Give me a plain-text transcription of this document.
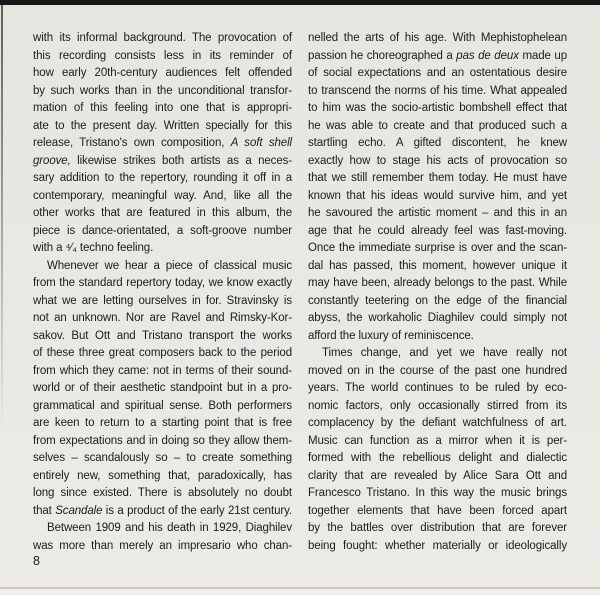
with its informal background. The provocation of
this recording consists less in its reminder of
how early 20th-century audiences felt offended
by such works than in the unconditional transfor-
mation of this feeling into one that is appropri-
ate to the present day. Written specially for this
release, Tristano's own composition, A soft shell
groove, likewise strikes both artists as a neces-
sary addition to the repertory, rounding it off in a
contemporary, meaningful way. And, like all the
other works that are featured in this album, the
piece is dance-orientated, a soft-groove number
with a ⁴⁄₄ techno feeling.
Whenever we hear a piece of classical music
from the standard repertory today, we know exactly
what we are letting ourselves in for. Stravinsky is
not an unknown. Nor are Ravel and Rimsky-Kor-
sakov. But Ott and Tristano transport the works
of these three great composers back to the period
from which they came: not in terms of their sound-
world or of their aesthetic standpoint but in a pro-
grammatical and spiritual sense. Both performers
are keen to return to a starting point that is free
from expectations and in doing so they allow them-
selves – scandalously so – to create something
entirely new, something that, paradoxically, has
long since existed. There is absolutely no doubt
that Scandale is a product of the early 21st century.
Between 1909 and his death in 1929, Diaghilev
was more than merely an impresario who chan-
nelled the arts of his age. With Mephistophelean
passion he choreographed a pas de deux made up
of social expectations and an ostentatious desire
to transcend the norms of his time. What appealed
to him was the socio-artistic bombshell effect that
he was able to create and that produced such a
startling echo. A gifted discontent, he knew
exactly how to stage his acts of provocation so
that we still remember them today. He must have
known that his ideas would survive him, and yet
he savoured the artistic moment – and this in an
age that he could already feel was fast-moving.
Once the immediate surprise is over and the scan-
dal has passed, this moment, however unique it
may have been, already belongs to the past. While
constantly teetering on the edge of the financial
abyss, the workaholic Diaghilev could simply not
afford the luxury of reminiscence.
Times change, and yet we have really not
moved on in the course of the past one hundred
years. The world continues to be ruled by eco-
nomic factors, only occasionally stirred from its
complacency by the defiant watchfulness of art.
Music can function as a mirror when it is per-
formed with the rebellious delight and dialectic
clarity that are revealed by Alice Sara Ott and
Francesco Tristano. In this way the music brings
together elements that have been forced apart
by the battles over distribution that are forever
being fought: whether materially or ideologically
8
